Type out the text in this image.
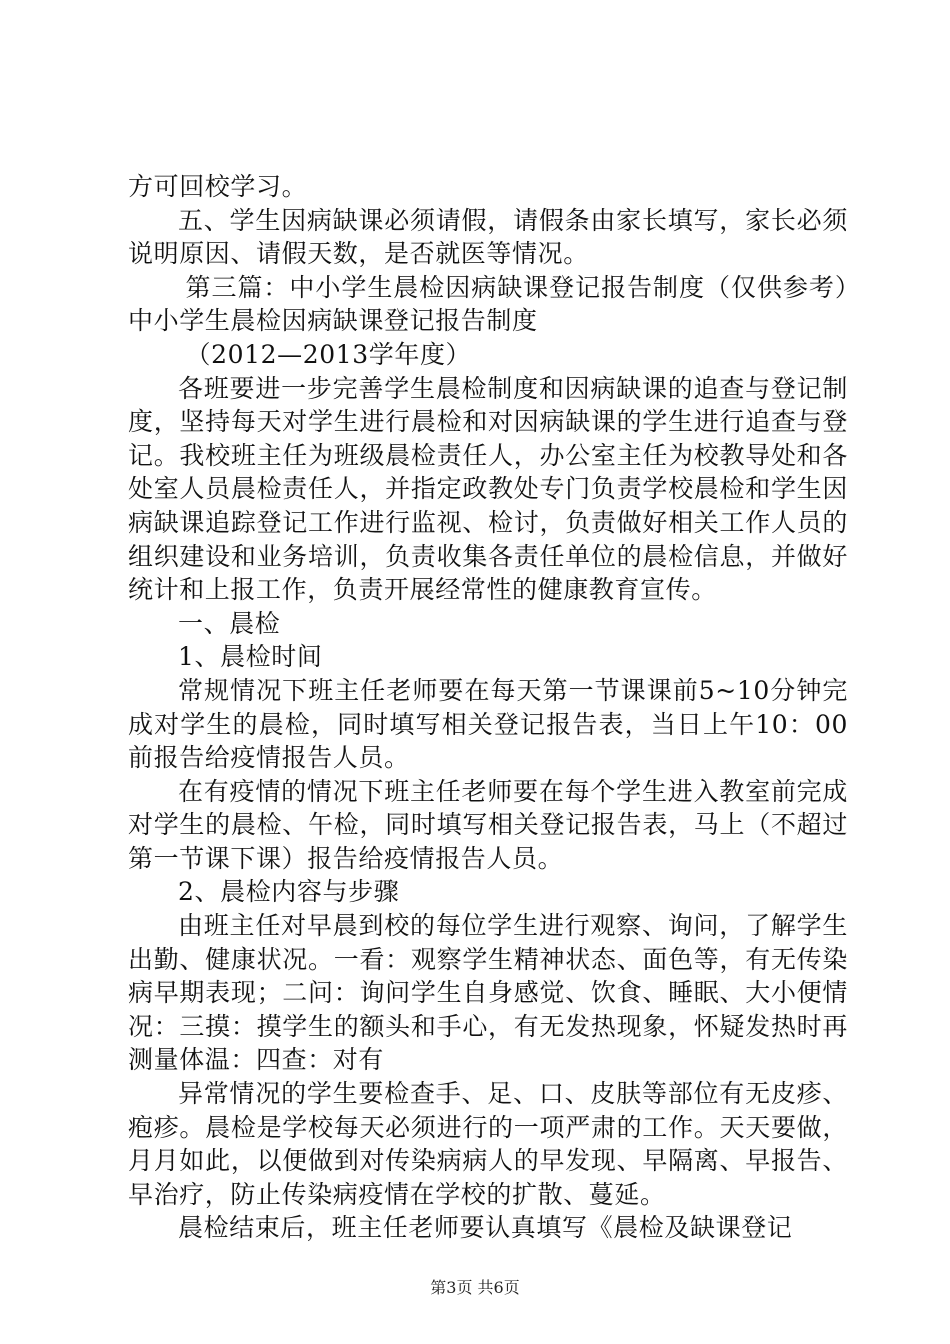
方可回校学习。

五、学生因病缺课必须请假，请假条由家长填写，家长必须说明原因、请假天数，是否就医等情况。

第三篇：中小学生晨检因病缺课登记报告制度（仅供参考）中小学生晨检因病缺课登记报告制度

（2012—2013学年度）

各班要进一步完善学生晨检制度和因病缺课的追查与登记制度，坚持每天对学生进行晨检和对因病缺课的学生进行追查与登记。我校班主任为班级晨检责任人，办公室主任为校教导处和各处室人员晨检责任人，并指定政教处专门负责学校晨检和学生因病缺课追踪登记工作进行监视、检讨，负责做好相关工作人员的组织建设和业务培训，负责收集各责任单位的晨检信息，并做好统计和上报工作，负责开展经常性的健康教育宣传。

一、晨检

1、晨检时间

常规情况下班主任老师要在每天第一节课课前5~10分钟完成对学生的晨检，同时填写相关登记报告表，当日上午10：00前报告给疫情报告人员。

在有疫情的情况下班主任老师要在每个学生进入教室前完成对学生的晨检、午检，同时填写相关登记报告表，马上（不超过第一节课下课）报告给疫情报告人员。

2、晨检内容与步骤

由班主任对早晨到校的每位学生进行观察、询问，了解学生出勤、健康状况。一看：观察学生精神状态、面色等，有无传染病早期表现；二问：询问学生自身感觉、饮食、睡眠、大小便情况：三摸：摸学生的额头和手心，有无发热现象，怀疑发热时再测量体温：四查：对有

异常情况的学生要检查手、足、口、皮肤等部位有无皮疹、疱疹。晨检是学校每天必须进行的一项严肃的工作。天天要做，月月如此，以便做到对传染病病人的早发现、早隔离、早报告、早治疗，防止传染病疫情在学校的扩散、蔓延。

晨检结束后，班主任老师要认真填写《晨检及缺课登记

第3页 共6页
